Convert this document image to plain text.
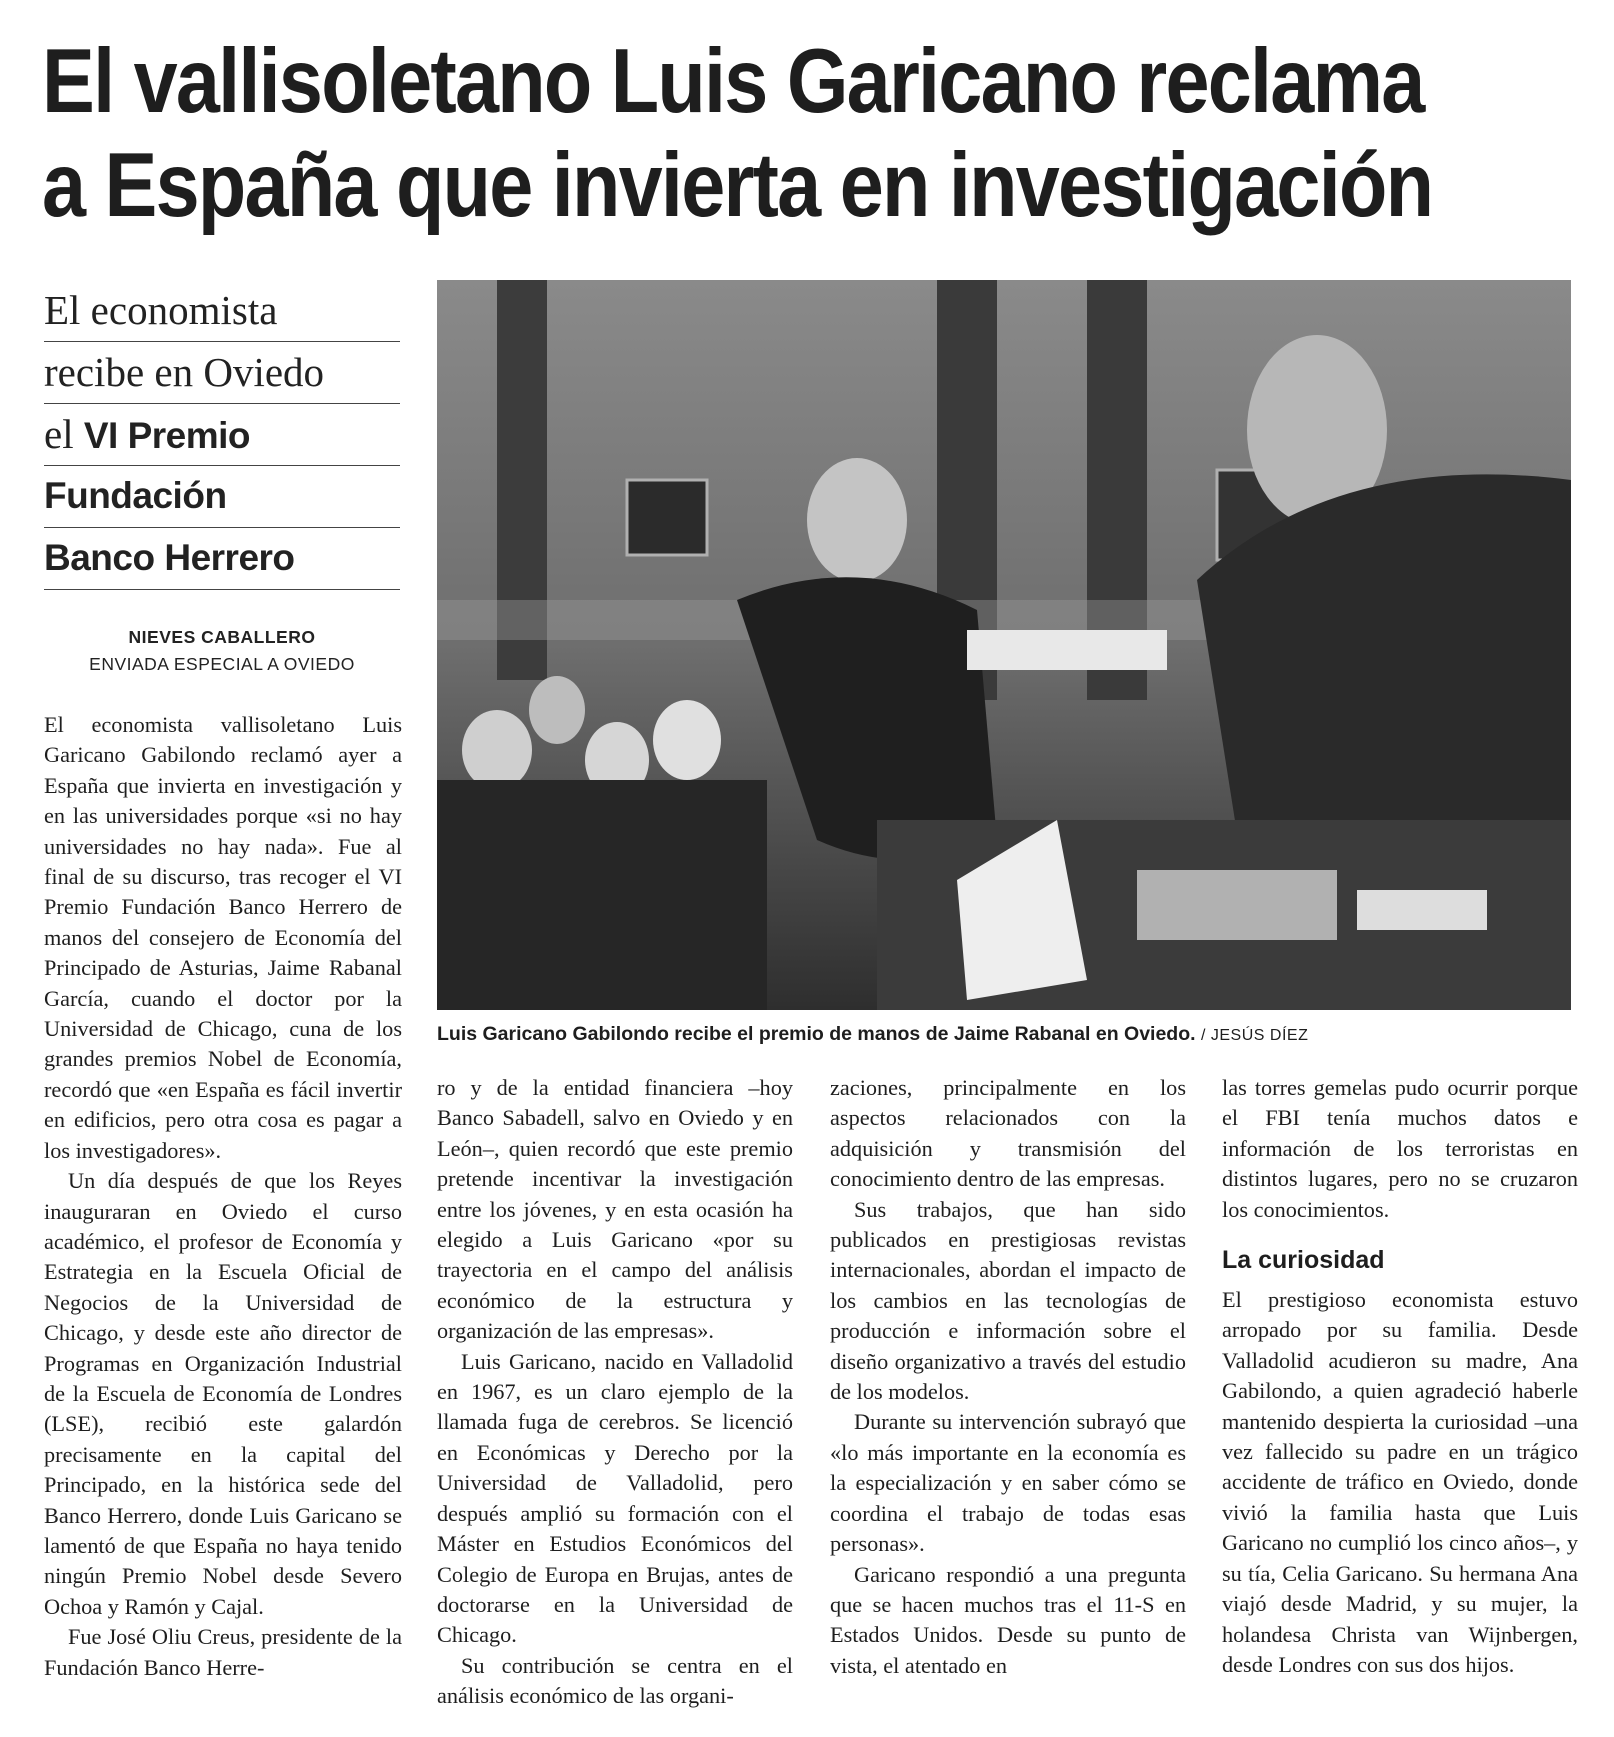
El vallisoletano Luis Garicano reclama
a España que invierta en investigación
El economista
recibe en Oviedo
el VI Premio
Fundación
Banco Herrero
NIEVES CABALLERO
ENVIADA ESPECIAL A OVIEDO
Luis Garicano Gabilondo recibe el premio de manos de Jaime Rabanal en Oviedo. / JESÚS DÍEZ

El economista vallisoletano Luis Garicano Gabilondo reclamó ayer a España que invierta en investigación y en las universidades porque «si no hay universidades no hay nada». Fue al final de su discurso, tras recoger el VI Premio Fundación Banco Herrero de manos del consejero de Economía del Principado de Asturias, Jaime Rabanal García, cuando el doctor por la Universidad de Chicago, cuna de los grandes premios Nobel de Economía, recordó que «en España es fácil invertir en edificios, pero otra cosa es pagar a los investigadores».

Un día después de que los Reyes inauguraran en Oviedo el curso académico, el profesor de Economía y Estrategia en la Escuela Oficial de Negocios de la Universidad de Chicago, y desde este año director de Programas en Organización Industrial de la Escuela de Economía de Londres (LSE), recibió este galardón precisamente en la capital del Principado, en la histórica sede del Banco Herrero, donde Luis Garicano se lamentó de que España no haya tenido ningún Premio Nobel desde Severo Ochoa y Ramón y Cajal.

Fue José Oliu Creus, presidente de la Fundación Banco Herre-

ro y de la entidad financiera –hoy Banco Sabadell, salvo en Oviedo y en León–, quien recordó que este premio pretende incentivar la investigación entre los jóvenes, y en esta ocasión ha elegido a Luis Garicano «por su trayectoria en el campo del análisis económico de la estructura y organización de las empresas».

Luis Garicano, nacido en Valladolid en 1967, es un claro ejemplo de la llamada fuga de cerebros. Se licenció en Económicas y Derecho por la Universidad de Valladolid, pero después amplió su formación con el Máster en Estudios Económicos del Colegio de Europa en Brujas, antes de doctorarse en la Universidad de Chicago.

Su contribución se centra en el análisis económico de las organi-

zaciones, principalmente en los aspectos relacionados con la adquisición y transmisión del conocimiento dentro de las empresas.

Sus trabajos, que han sido publicados en prestigiosas revistas internacionales, abordan el impacto de los cambios en las tecnologías de producción e información sobre el diseño organizativo a través del estudio de los modelos.

Durante su intervención subrayó que «lo más importante en la economía es la especialización y en saber cómo se coordina el trabajo de todas esas personas».

Garicano respondió a una pregunta que se hacen muchos tras el 11-S en Estados Unidos. Desde su punto de vista, el atentado en

las torres gemelas pudo ocurrir porque el FBI tenía muchos datos e información de los terroristas en distintos lugares, pero no se cruzaron los conocimientos.

La curiosidad

El prestigioso economista estuvo arropado por su familia. Desde Valladolid acudieron su madre, Ana Gabilondo, a quien agradeció haberle mantenido despierta la curiosidad –una vez fallecido su padre en un trágico accidente de tráfico en Oviedo, donde vivió la familia hasta que Luis Garicano no cumplió los cinco años–, y su tía, Celia Garicano. Su hermana Ana viajó desde Madrid, y su mujer, la holandesa Christa van Wijnbergen, desde Londres con sus dos hijos.
